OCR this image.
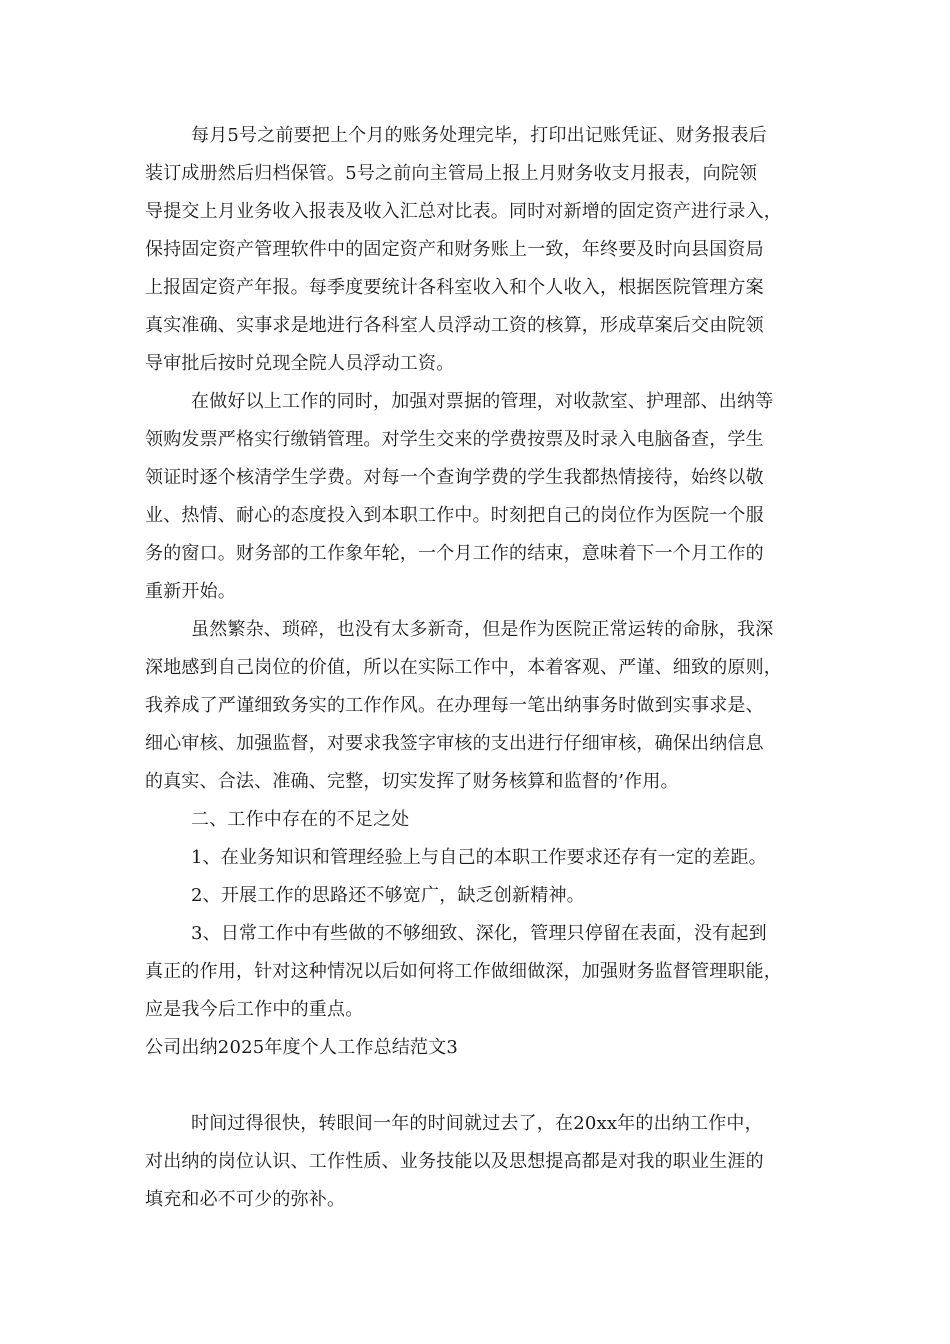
每月5号之前要把上个月的账务处理完毕，打印出记账凭证、财务报表后
装订成册然后归档保管。5号之前向主管局上报上月财务收支月报表，向院领
导提交上月业务收入报表及收入汇总对比表。同时对新增的固定资产进行录入，
保持固定资产管理软件中的固定资产和财务账上一致，年终要及时向县国资局
上报固定资产年报。每季度要统计各科室收入和个人收入，根据医院管理方案
真实准确、实事求是地进行各科室人员浮动工资的核算，形成草案后交由院领
导审批后按时兑现全院人员浮动工资。
在做好以上工作的同时，加强对票据的管理，对收款室、护理部、出纳等
领购发票严格实行缴销管理。对学生交来的学费按票及时录入电脑备查，学生
领证时逐个核清学生学费。对每一个查询学费的学生我都热情接待，始终以敬
业、热情、耐心的态度投入到本职工作中。时刻把自己的岗位作为医院一个服
务的窗口。财务部的工作象年轮，一个月工作的结束，意味着下一个月工作的
重新开始。
虽然繁杂、琐碎，也没有太多新奇，但是作为医院正常运转的命脉，我深
深地感到自己岗位的价值，所以在实际工作中，本着客观、严谨、细致的原则，
我养成了严谨细致务实的工作作风。在办理每一笔出纳事务时做到实事求是、
细心审核、加强监督，对要求我签字审核的支出进行仔细审核，确保出纳信息
的真实、合法、准确、完整，切实发挥了财务核算和监督的’作用。
二、工作中存在的不足之处
1、在业务知识和管理经验上与自己的本职工作要求还存有一定的差距。
2、开展工作的思路还不够宽广，缺乏创新精神。
3、日常工作中有些做的不够细致、深化，管理只停留在表面，没有起到
真正的作用，针对这种情况以后如何将工作做细做深，加强财务监督管理职能，
应是我今后工作中的重点。
公司出纳2025年度个人工作总结范文3
时间过得很快，转眼间一年的时间就过去了，在20xx年的出纳工作中，
对出纳的岗位认识、工作性质、业务技能以及思想提高都是对我的职业生涯的
填充和必不可少的弥补。
